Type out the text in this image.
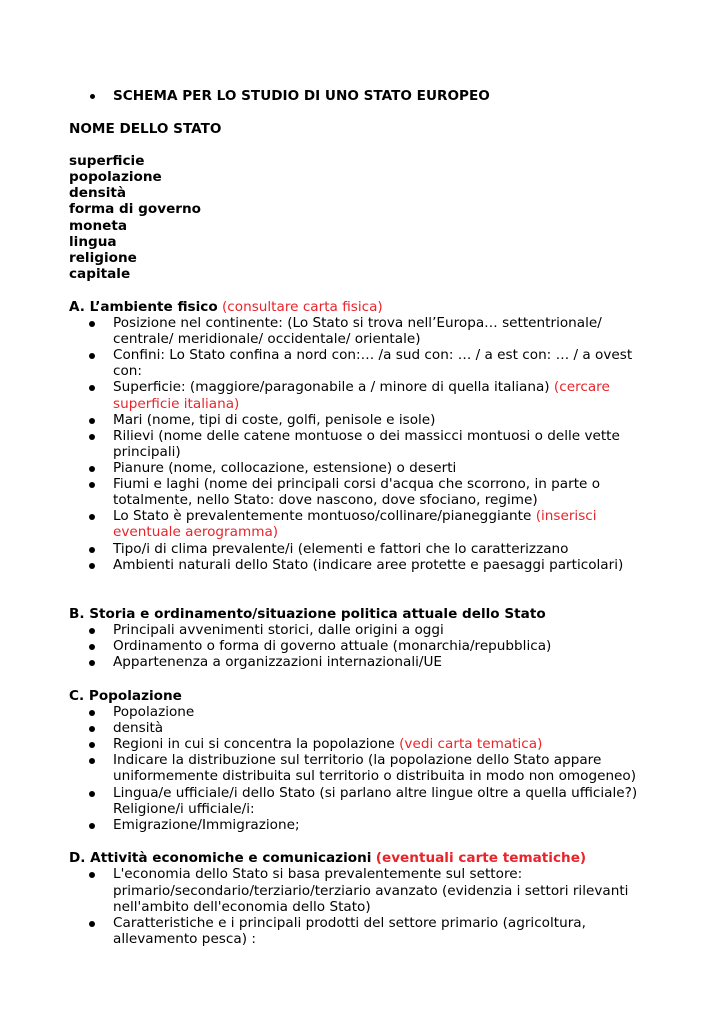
SCHEMA PER LO STUDIO DI UNO STATO EUROPEO
NOME DELLO STATO
superficie
popolazione
densità
forma di governo
moneta
lingua
religione
capitale
A. L’ambiente fisico (consultare carta fisica)
Posizione nel continente: (Lo Stato si trova nell’Europa… settentrionale/
centrale/ meridionale/ occidentale/ orientale)
Confini: Lo Stato confina a nord con:… /a sud con: … / a est con: … / a ovest
con:
Superficie: (maggiore/paragonabile a / minore di quella italiana) (cercare
superficie italiana)
Mari (nome, tipi di coste, golfi, penisole e isole)
Rilievi (nome delle catene montuose o dei massicci montuosi o delle vette
principali)
Pianure (nome, collocazione, estensione) o deserti
Fiumi e laghi (nome dei principali corsi d'acqua che scorrono, in parte o
totalmente, nello Stato: dove nascono, dove sfociano, regime)
Lo Stato è prevalentemente montuoso/collinare/pianeggiante (inserisci
eventuale aerogramma)
Tipo/i di clima prevalente/i (elementi e fattori che lo caratterizzano
Ambienti naturali dello Stato (indicare aree protette e paesaggi particolari)
B. Storia e ordinamento/situazione politica attuale dello Stato
Principali avvenimenti storici, dalle origini a oggi
Ordinamento o forma di governo attuale (monarchia/repubblica)
Appartenenza a organizzazioni internazionali/UE
C. Popolazione
Popolazione
densità
Regioni in cui si concentra la popolazione (vedi carta tematica)
Indicare la distribuzione sul territorio (la popolazione dello Stato appare
uniformemente distribuita sul territorio o distribuita in modo non omogeneo)
Lingua/e ufficiale/i dello Stato (si parlano altre lingue oltre a quella ufficiale?)
Religione/i ufficiale/i:
Emigrazione/Immigrazione;
D. Attività economiche e comunicazioni (eventuali carte tematiche)
L'economia dello Stato si basa prevalentemente sul settore:
primario/secondario/terziario/terziario avanzato (evidenzia i settori rilevanti
nell'ambito dell'economia dello Stato)
Caratteristiche e i principali prodotti del settore primario (agricoltura,
allevamento pesca) :
